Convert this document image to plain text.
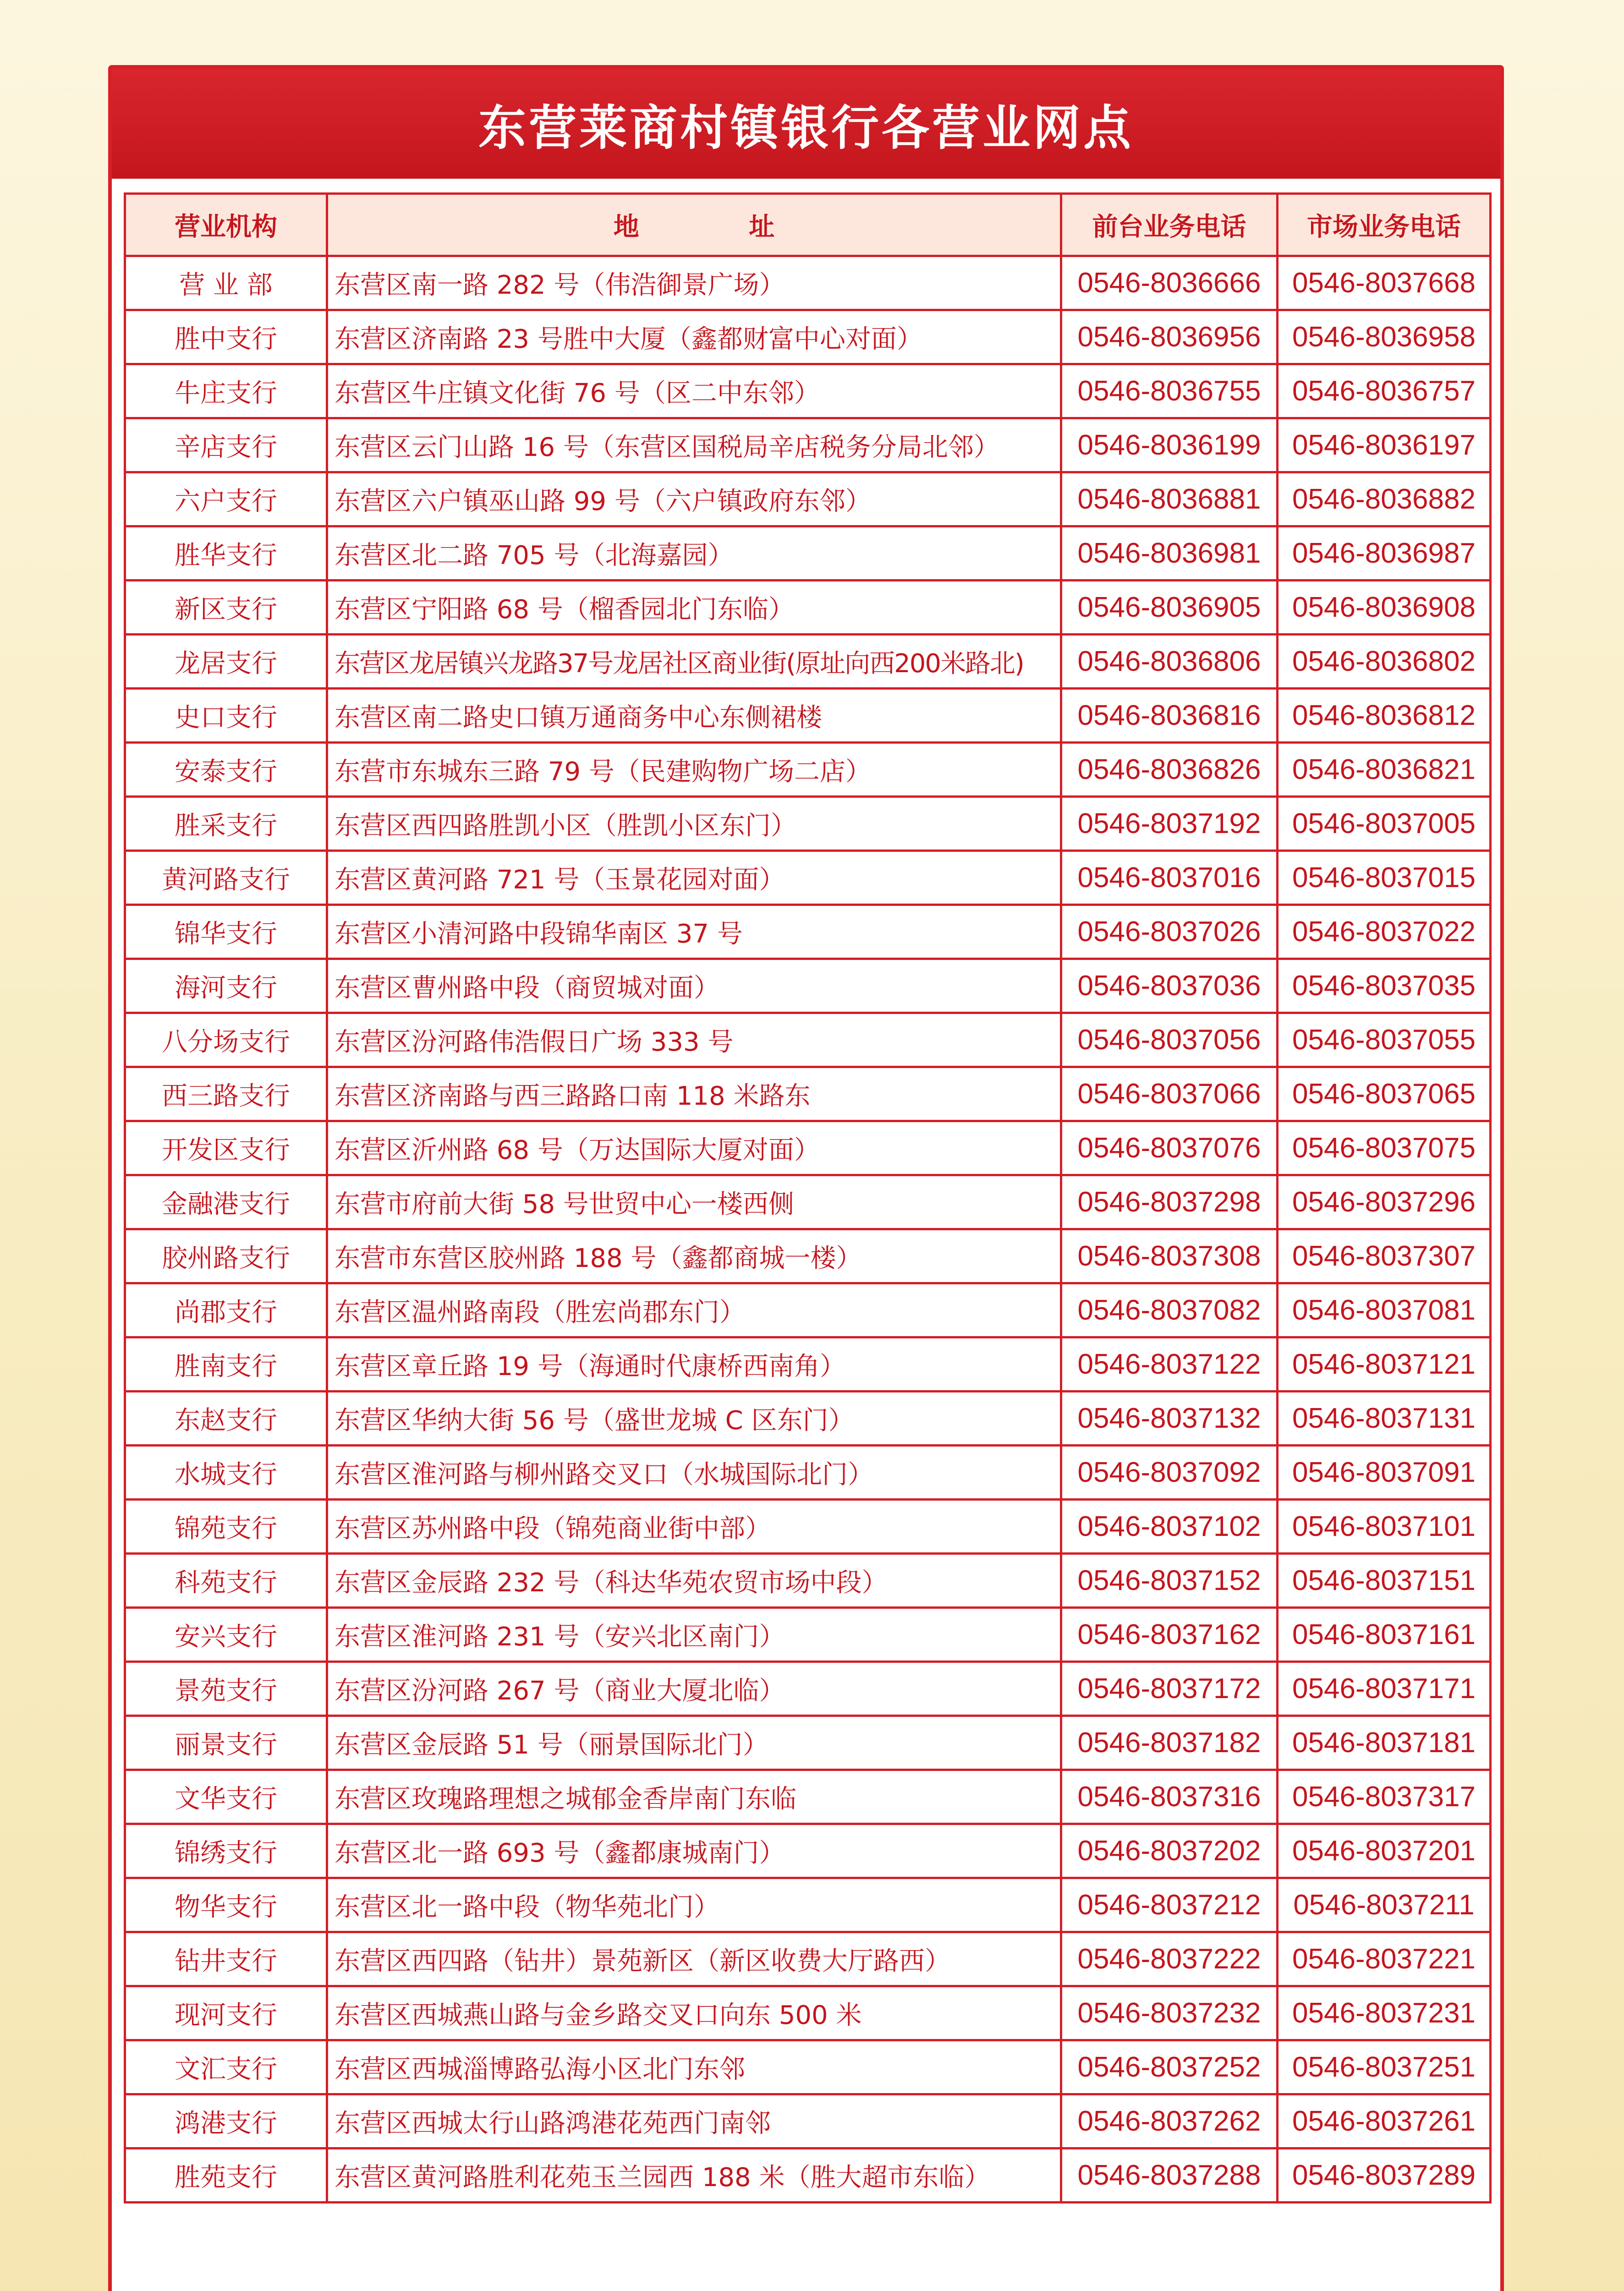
东营莱商村镇银行各营业网点
营业机构	地 址	前台业务电话	市场业务电话
营 业 部	东营区南一路 282 号（伟浩御景广场）	0546-8036666	0546-8037668
胜中支行	东营区济南路 23 号胜中大厦（鑫都财富中心对面）	0546-8036956	0546-8036958
牛庄支行	东营区牛庄镇文化街 76 号（区二中东邻）	0546-8036755	0546-8036757
辛店支行	东营区云门山路 16 号（东营区国税局辛店税务分局北邻）	0546-8036199	0546-8036197
六户支行	东营区六户镇巫山路 99 号（六户镇政府东邻）	0546-8036881	0546-8036882
胜华支行	东营区北二路 705 号（北海嘉园）	0546-8036981	0546-8036987
新区支行	东营区宁阳路 68 号（榴香园北门东临）	0546-8036905	0546-8036908
龙居支行	东营区龙居镇兴龙路37号龙居社区商业街(原址向西200米路北)	0546-8036806	0546-8036802
史口支行	东营区南二路史口镇万通商务中心东侧裙楼	0546-8036816	0546-8036812
安泰支行	东营市东城东三路 79 号（民建购物广场二店）	0546-8036826	0546-8036821
胜采支行	东营区西四路胜凯小区（胜凯小区东门）	0546-8037192	0546-8037005
黄河路支行	东营区黄河路 721 号（玉景花园对面）	0546-8037016	0546-8037015
锦华支行	东营区小清河路中段锦华南区 37 号	0546-8037026	0546-8037022
海河支行	东营区曹州路中段（商贸城对面）	0546-8037036	0546-8037035
八分场支行	东营区汾河路伟浩假日广场 333 号	0546-8037056	0546-8037055
西三路支行	东营区济南路与西三路路口南 118 米路东	0546-8037066	0546-8037065
开发区支行	东营区沂州路 68 号（万达国际大厦对面）	0546-8037076	0546-8037075
金融港支行	东营市府前大街 58 号世贸中心一楼西侧	0546-8037298	0546-8037296
胶州路支行	东营市东营区胶州路 188 号（鑫都商城一楼）	0546-8037308	0546-8037307
尚郡支行	东营区温州路南段（胜宏尚郡东门）	0546-8037082	0546-8037081
胜南支行	东营区章丘路 19 号（海通时代康桥西南角）	0546-8037122	0546-8037121
东赵支行	东营区华纳大街 56 号（盛世龙城 C 区东门）	0546-8037132	0546-8037131
水城支行	东营区淮河路与柳州路交叉口（水城国际北门）	0546-8037092	0546-8037091
锦苑支行	东营区苏州路中段（锦苑商业街中部）	0546-8037102	0546-8037101
科苑支行	东营区金辰路 232 号（科达华苑农贸市场中段）	0546-8037152	0546-8037151
安兴支行	东营区淮河路 231 号（安兴北区南门）	0546-8037162	0546-8037161
景苑支行	东营区汾河路 267 号（商业大厦北临）	0546-8037172	0546-8037171
丽景支行	东营区金辰路 51 号（丽景国际北门）	0546-8037182	0546-8037181
文华支行	东营区玫瑰路理想之城郁金香岸南门东临	0546-8037316	0546-8037317
锦绣支行	东营区北一路 693 号（鑫都康城南门）	0546-8037202	0546-8037201
物华支行	东营区北一路中段（物华苑北门）	0546-8037212	0546-8037211
钻井支行	东营区西四路（钻井）景苑新区（新区收费大厅路西）	0546-8037222	0546-8037221
现河支行	东营区西城燕山路与金乡路交叉口向东 500 米	0546-8037232	0546-8037231
文汇支行	东营区西城淄博路弘海小区北门东邻	0546-8037252	0546-8037251
鸿港支行	东营区西城太行山路鸿港花苑西门南邻	0546-8037262	0546-8037261
胜苑支行	东营区黄河路胜利花苑玉兰园西 188 米（胜大超市东临）	0546-8037288	0546-8037289
